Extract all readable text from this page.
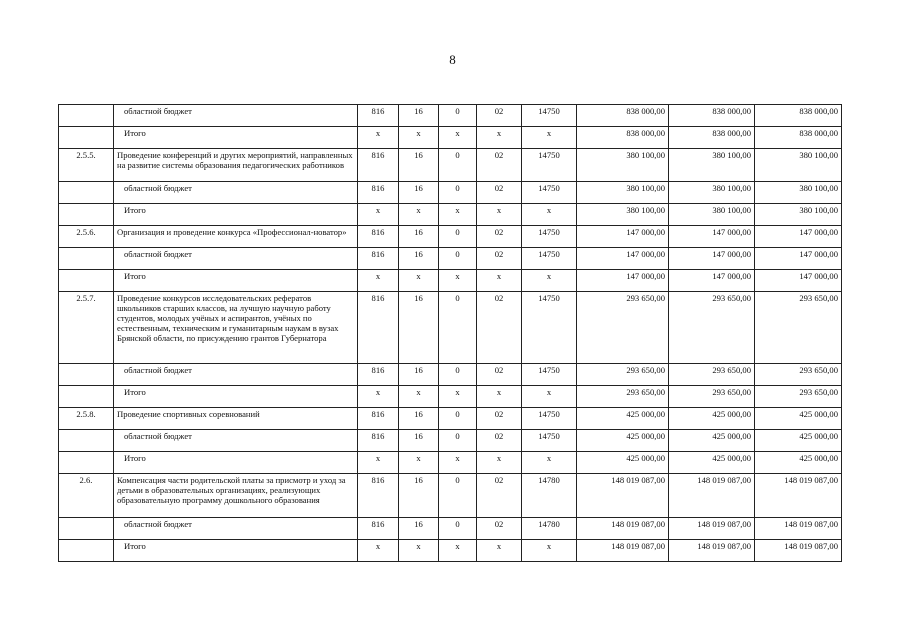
8
	областной бюджет	816	16	0	02	14750	838 000,00	838 000,00	838 000,00
	Итого	х	х	х	х	х	838 000,00	838 000,00	838 000,00
2.5.5.	Проведение конференций и других мероприятий, направленных на развитие системы образования педагогических работников	816	16	0	02	14750	380 100,00	380 100,00	380 100,00
	областной бюджет	816	16	0	02	14750	380 100,00	380 100,00	380 100,00
	Итого	х	х	х	х	х	380 100,00	380 100,00	380 100,00
2.5.6.	Организация и проведение конкурса «Профессионал-новатор»	816	16	0	02	14750	147 000,00	147 000,00	147 000,00
	областной бюджет	816	16	0	02	14750	147 000,00	147 000,00	147 000,00
	Итого	х	х	х	х	х	147 000,00	147 000,00	147 000,00
2.5.7.	Проведение конкурсов исследовательских рефератов школьников старших классов, на лучшую научную работу студентов, молодых учёных и аспирантов, учёных по естественным, техническим и гуманитарным наукам в вузах Брянской области, по присуждению грантов Губернатора	816	16	0	02	14750	293 650,00	293 650,00	293 650,00
	областной бюджет	816	16	0	02	14750	293 650,00	293 650,00	293 650,00
	Итого	х	х	х	х	х	293 650,00	293 650,00	293 650,00
2.5.8.	Проведение спортивных соревнований	816	16	0	02	14750	425 000,00	425 000,00	425 000,00
	областной бюджет	816	16	0	02	14750	425 000,00	425 000,00	425 000,00
	Итого	х	х	х	х	х	425 000,00	425 000,00	425 000,00
2.6.	Компенсация части родительской платы за присмотр и уход за детьми в образовательных организациях, реализующих образовательную программу дошкольного образования	816	16	0	02	14780	148 019 087,00	148 019 087,00	148 019 087,00
	областной бюджет	816	16	0	02	14780	148 019 087,00	148 019 087,00	148 019 087,00
	Итого	х	х	х	х	х	148 019 087,00	148 019 087,00	148 019 087,00
